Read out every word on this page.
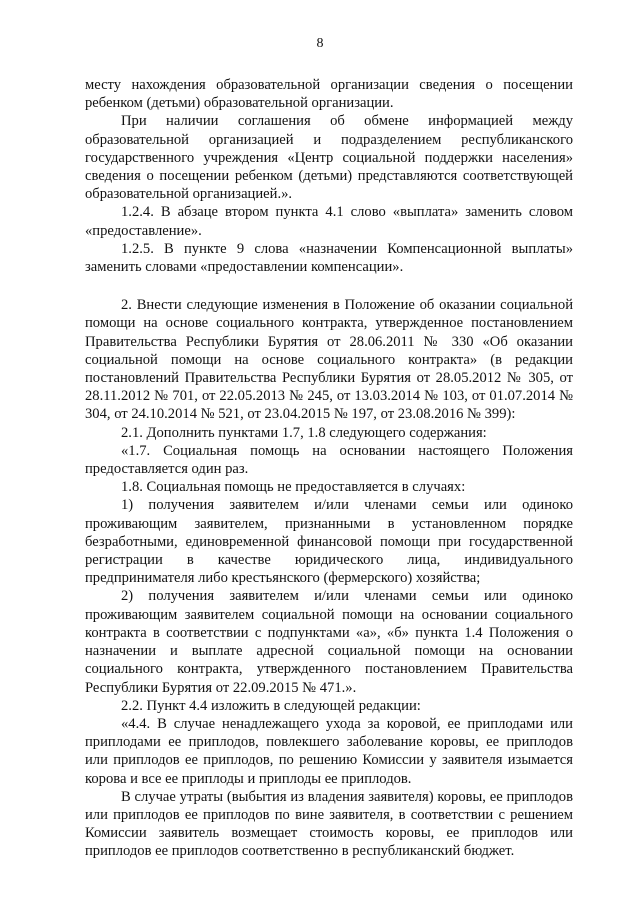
8

месту нахождения образовательной организации сведения о посещении ребенком (детьми) образовательной организации.

При наличии соглашения об обмене информацией между образовательной организацией и подразделением республиканского государственного учреждения «Центр социальной поддержки населения» сведения о посещении ребенком (детьми) представляются соответствующей образовательной организацией.».

1.2.4. В абзаце втором пункта 4.1 слово «выплата» заменить словом «предоставление».

1.2.5. В пункте 9 слова «назначении Компенсационной выплаты» заменить словами «предоставлении компенсации».

2. Внести следующие изменения в Положение об оказании социальной помощи на основе социального контракта, утвержденное постановлением Правительства Республики Бурятия от 28.06.2011 № 330 «Об оказании социальной помощи на основе социального контракта» (в редакции постановлений Правительства Республики Бурятия от 28.05.2012 № 305, от 28.11.2012 № 701, от 22.05.2013 № 245, от 13.03.2014 № 103, от 01.07.2014 № 304, от 24.10.2014 № 521, от 23.04.2015 № 197, от 23.08.2016 № 399):

2.1. Дополнить пунктами 1.7, 1.8 следующего содержания:

«1.7. Социальная помощь на основании настоящего Положения предоставляется один раз.

1.8. Социальная помощь не предоставляется в случаях:

1) получения заявителем и/или членами семьи или одиноко проживающим заявителем, признанными в установленном порядке безработными, единовременной финансовой помощи при государственной регистрации в качестве юридического лица, индивидуального предпринимателя либо крестьянского (фермерского) хозяйства;

2) получения заявителем и/или членами семьи или одиноко проживающим заявителем социальной помощи на основании социального контракта в соответствии с подпунктами «а», «б» пункта 1.4 Положения о назначении и выплате адресной социальной помощи на основании социального контракта, утвержденного постановлением Правительства Республики Бурятия от 22.09.2015 № 471.».

2.2. Пункт 4.4 изложить в следующей редакции:

«4.4. В случае ненадлежащего ухода за коровой, ее приплодами или приплодами ее приплодов, повлекшего заболевание коровы, ее приплодов или приплодов ее приплодов, по решению Комиссии у заявителя изымается корова и все ее приплоды и приплоды ее приплодов.

В случае утраты (выбытия из владения заявителя) коровы, ее приплодов или приплодов ее приплодов по вине заявителя, в соответствии с решением Комиссии заявитель возмещает стоимость коровы, ее приплодов или приплодов ее приплодов соответственно в республиканский бюджет.
